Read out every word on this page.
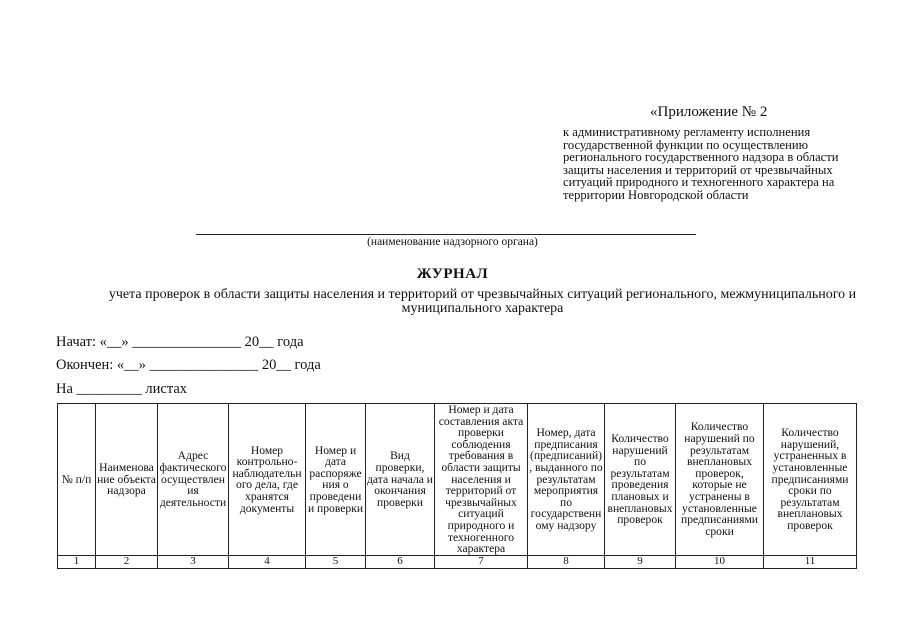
«Приложение № 2
к административному регламенту исполнения государственной функции по осуществлению регионального государственного надзора в области защиты населения и территорий от чрезвычайных ситуаций природного и техногенного характера на территории Новгородской области
(наименование надзорного органа)
ЖУРНАЛ
учета проверок в области защиты населения и территорий от чрезвычайных ситуаций регионального, межмуниципального и муниципального характера
Начат: «__» _______________ 20__ года
Окончен: «__» _______________ 20__ года
На _________ листах
№ п/п	Наименование объекта надзора	Адрес фактического осуществления деятельности	Номер контрольно-наблюдательного дела, где хранятся документы	Номер и дата распоряжения о проведении проверки	Вид проверки, дата начала и окончания проверки	Номер и дата составления акта проверки соблюдения требования в области защиты населения и территорий от чрезвычайных ситуаций природного и техногенного характера	Номер, дата предписания (предписаний), выданного по результатам мероприятия по государственному надзору	Количество нарушений по результатам проведения плановых и внеплановых проверок	Количество нарушений по результатам внеплановых проверок, которые не устранены в установленные предписаниями сроки	Количество нарушений, устраненных в установленные предписаниями сроки по результатам внеплановых проверок
1	2	3	4	5	6	7	8	9	10	11
